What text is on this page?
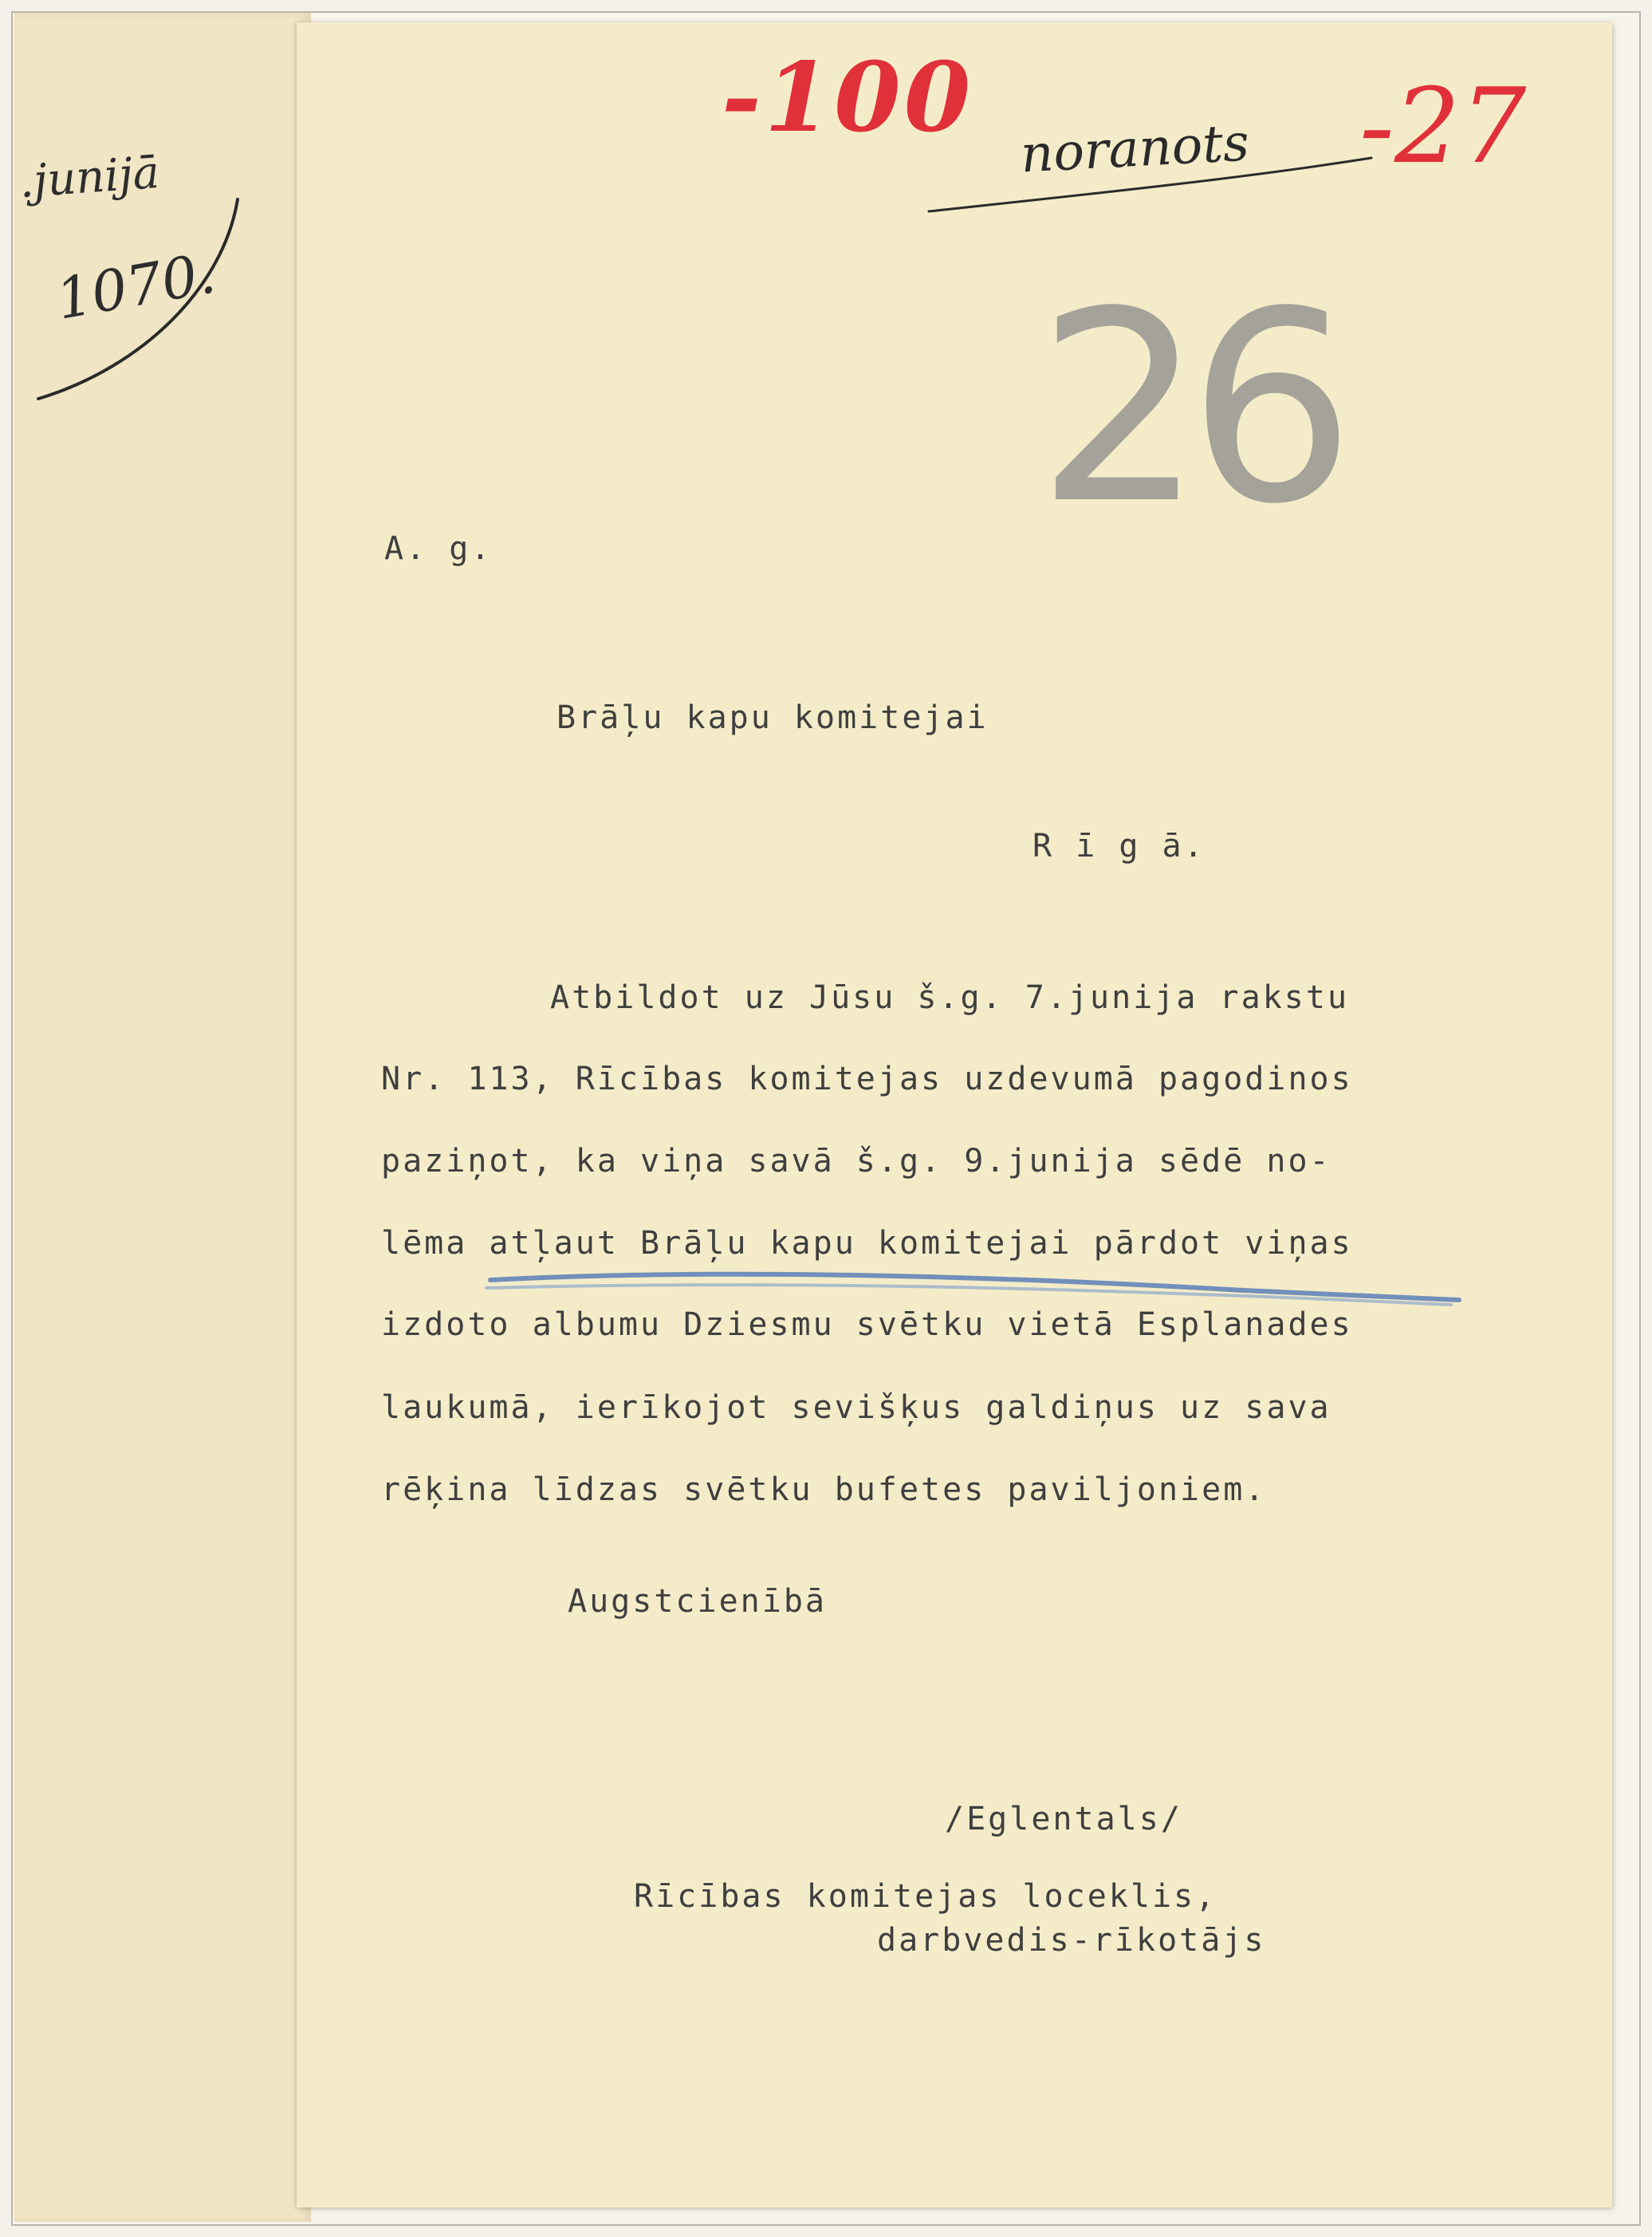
.junijā
1070.
-100 noranots -27
26
A. g.
Brāļu kapu komitejai
R ī g ā.
Atbildot uz Jūsu š.g. 7.junija rakstu
Nr. 113, Rīcības komitejas uzdevumā pagodinos
paziņot, ka viņa savā š.g. 9.junija sēdē no-
lēma atļaut Brāļu kapu komitejai pārdot viņas
izdoto albumu Dziesmu svētku vietā Esplanades
laukumā, ierīkojot sevišķus galdiņus uz sava
rēķina līdzas svētku bufetes paviljoniem.
Augstcienībā
/Eglentals/
Rīcības komitejas loceklis,
darbvedis-rīkotājs
